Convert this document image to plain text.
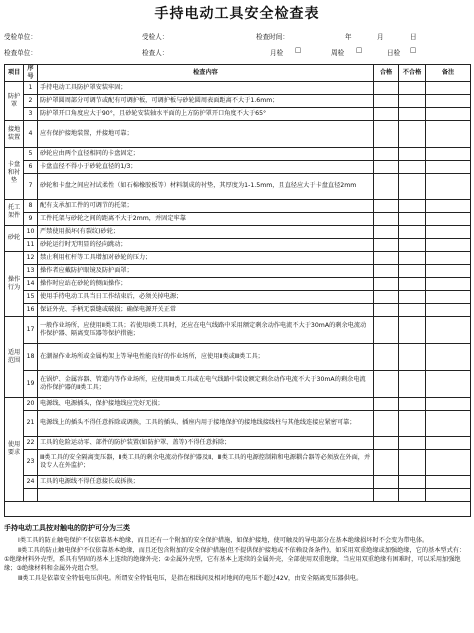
手持电动工具安全检查表
受检单位：	受检人：	检查时间：	年	月	日
检查单位：	检查人：	月检 □	周检 □	日检 □
项目	序号	检查内容	合格	不合格	备注
防护罩	1	手持电动工具防护罩安装牢固；			
	2	防护罩圆周部分可调节或配有可调护板，可调护板与砂轮圆周表面距离不大于1.6mm；			
	3	防护罩开口角度应大于90°，且砂轮安装轴水平面的上方防护罩开口角度不大于65°			
接地装置	4	应有保护接地装置，并接地可靠；			
卡盘和衬垫	5	砂轮应由两个直径相同的卡盘固定；			
	6	卡盘直径不得小于砂轮直径的1/3；			
	7	砂轮和卡盘之间应衬试柔性（如石棉橡胶板等）材料制成的衬垫，其厚度为1-1.5mm，且直径应大于卡盘直径2mm			
托工架件	8	配有支承加工件的可调节的托架；			
	9	工件托架与砂轮之间的距离不大于2mm，并固定牢靠			
砂轮	10	严禁使用损坏(有裂纹)砂轮；			
	11	砂轮运行时无明显的径向跳动；			
操作行为	12	禁止利用杠杆等工具增加对砂轮的压力；			
	13	操作者应戴防护眼镜及防护面罩；			
	14	操作时应站在砂轮的侧面操作；			
	15	使用手持电动工具当日工作结束后，必须关掉电源；			
	16	保证外壳、手柄无裂缝或破损；确保电源开关正常			
适用范围	17	一般作业场所，应使用Ⅱ类工具；若使用Ⅰ类工具时，还应在电气线路中采用额定剩余动作电流不大于30mA的剩余电流动作保护器、隔离变压器等保护措施；			
	18	在潮湿作业场所或金属构架上等导电性能良好的作业场所，应使用Ⅱ类或Ⅲ类工具；			
	19	在锅炉、金属容器、管道内等作业场所，应使用Ⅲ类工具或在电气线路中装设额定剩余动作电流不大于30mA的剩余电流动作保护器的Ⅱ类工具；			
使用要求	20	电源线、电源插头，保护接地线应完好无损；			
	21	电源线上的插头不得任意拆除或调换，工具的插头、插座内用于接地保护的接地线接线柱与其他线连接应紧密可靠；			
	22	工具的危险运动零、部件的防护装置(如防护罩、盖等)不得任意拆除；			
	23	Ⅲ类工具的安全隔离变压器，Ⅱ类工具的剩余电流动作保护器及Ⅱ、Ⅲ类工具的电源控制箱和电源耦合器等必须放在外面，并设专人在外监护；			
	24	工具的电源线不得任意接长或拆换；			

手持电动工具按对触电的防护可分为三类

Ⅰ类工具的防止触电保护不仅依靠基本绝缘，而且还有一个附加的安全保护措施，如保护接地，使可触及的导电部分在基本绝缘损坏时不会变为带电体。

Ⅱ类工具的防止触电保护不仅依靠基本绝缘，而且还包含附加的安全保护措施(但不提供保护接地或不依赖设备条件)，如采用双重绝缘或加强绝缘，它的基本型式有：①绝缘材料外壳型，系具有坚固的基本上连续的绝缘外壳；②金属外壳型，它有基本上连续的金属外壳，全部使用双重绝缘，当应用双重绝缘有困难时，可以采用加强绝缘；③绝缘材料和金属外壳组合型。

Ⅲ类工具是依靠安全特低电压供电。所谓安全特低电压，是指在相线间及相对地间的电压不超过42V，由安全隔离变压器供电。
